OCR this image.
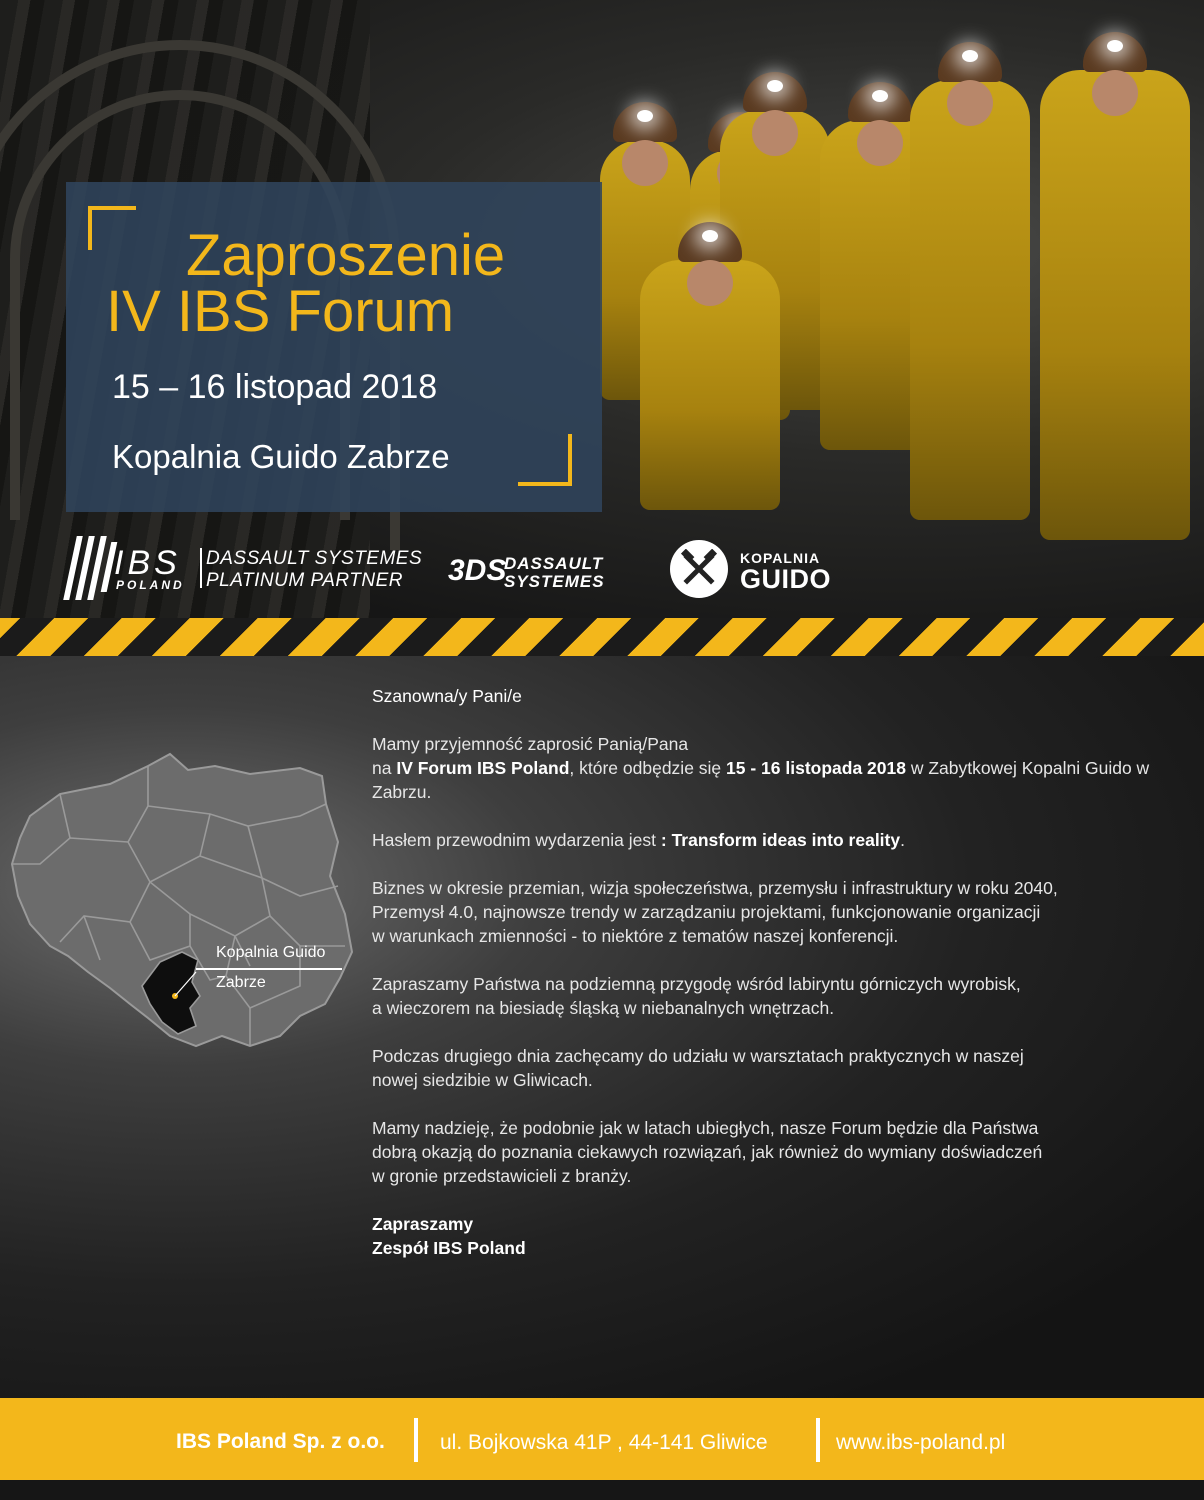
Zaproszenie
IV IBS Forum
15 – 16 listopad 2018
Kopalnia Guido Zabrze
IBS
POLAND
DASSAULT SYSTEMES
PLATINUM PARTNER 3DS
DASSAULT
SYSTEMES
KOPALNIA
GUIDO
Kopalnia Guido
Zabrze

Szanowna/y Pani/e

Mamy przyjemność zaprosić Panią/Pana
na IV Forum IBS Poland, które odbędzie się 15 - 16 listopada 2018 w Zabytkowej Kopalni Guido w Zabrzu.

Hasłem przewodnim wydarzenia jest : Transform ideas into reality.

Biznes w okresie przemian, wizja społeczeństwa, przemysłu i infrastruktury w roku 2040,
Przemysł 4.0, najnowsze trendy w zarządzaniu projektami, funkcjonowanie organizacji
w warunkach zmienności - to niektóre z tematów naszej konferencji.

Zapraszamy Państwa na podziemną przygodę wśród labiryntu górniczych wyrobisk,
a wieczorem na biesiadę śląską w niebanalnych wnętrzach.

Podczas drugiego dnia zachęcamy do udziału w warsztatach praktycznych w naszej
nowej siedzibie w Gliwicach.

Mamy nadzieję, że podobnie jak w latach ubiegłych, nasze Forum będzie dla Państwa
dobrą okazją do poznania ciekawych rozwiązań, jak również do wymiany doświadczeń
w gronie przedstawicieli z branży.

Zapraszamy
Zespół IBS Poland

IBS Poland Sp. z o.o.	ul. Bojkowska 41P , 44-141 Gliwice	www.ibs-poland.pl
